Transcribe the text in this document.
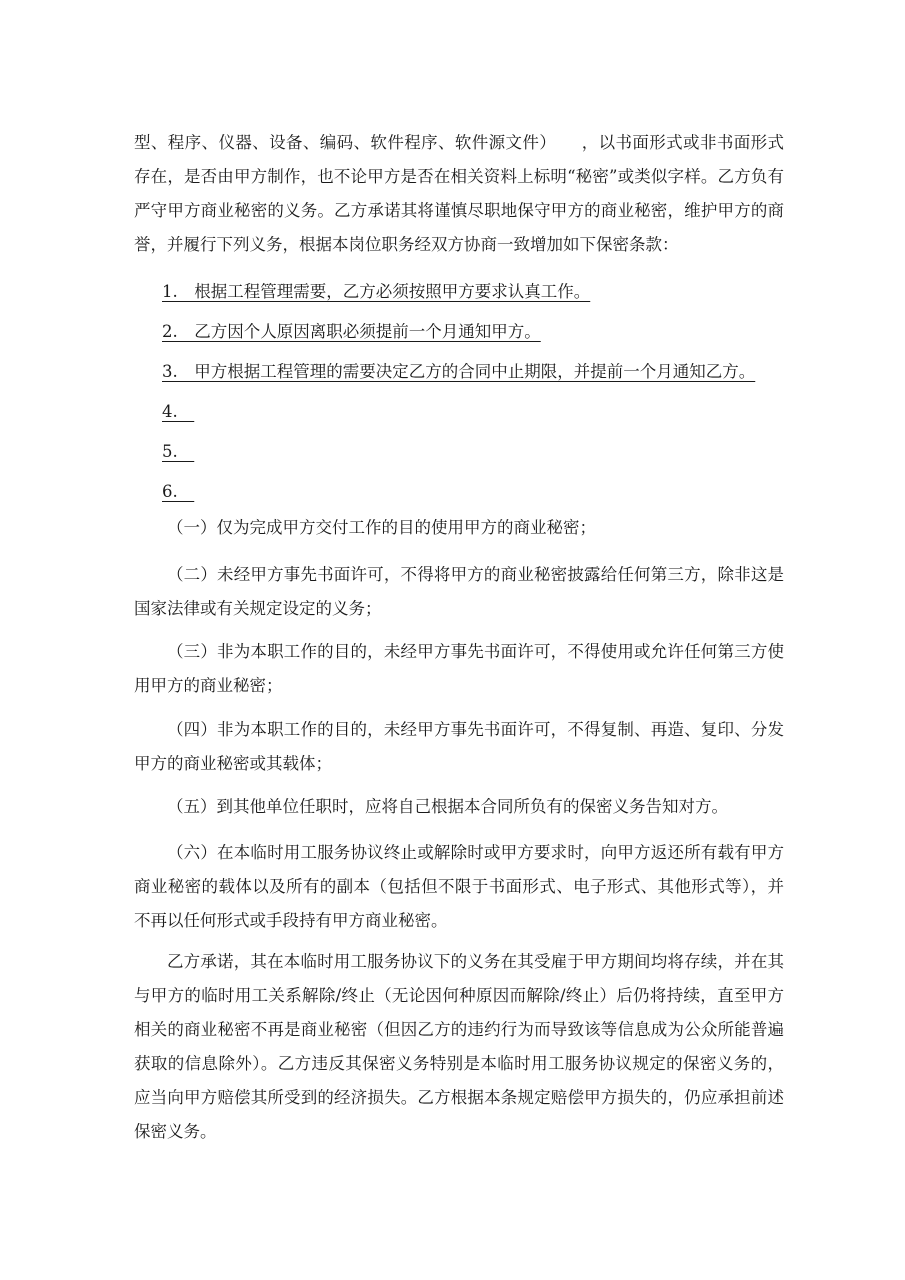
型、程序、仪器、设备、编码、软件程序、软件源文件）　　，以书面形式或非书面形式存在，是否由甲方制作，也不论甲方是否在相关资料上标明“秘密”或类似字样。乙方负有严守甲方商业秘密的义务。乙方承诺其将谨慎尽职地保守甲方的商业秘密，维护甲方的商誉，并履行下列义务，根据本岗位职务经双方协商一致增加如下保密条款：

1.　根据工程管理需要，乙方必须按照甲方要求认真工作。

2.　乙方因个人原因离职必须提前一个月通知甲方。

3.　甲方根据工程管理的需要决定乙方的合同中止期限，并提前一个月通知乙方。

4.　

5.　

6.　

（一）仅为完成甲方交付工作的目的使用甲方的商业秘密；

（二）未经甲方事先书面许可，不得将甲方的商业秘密披露给任何第三方，除非这是国家法律或有关规定设定的义务；

（三）非为本职工作的目的，未经甲方事先书面许可，不得使用或允许任何第三方使用甲方的商业秘密；

（四）非为本职工作的目的，未经甲方事先书面许可，不得复制、再造、复印、分发甲方的商业秘密或其载体；

（五）到其他单位任职时，应将自己根据本合同所负有的保密义务告知对方。

（六）在本临时用工服务协议终止或解除时或甲方要求时，向甲方返还所有载有甲方商业秘密的载体以及所有的副本（包括但不限于书面形式、电子形式、其他形式等），并不再以任何形式或手段持有甲方商业秘密。

乙方承诺，其在本临时用工服务协议下的义务在其受雇于甲方期间均将存续，并在其与甲方的临时用工关系解除/终止（无论因何种原因而解除/终止）后仍将持续，直至甲方相关的商业秘密不再是商业秘密（但因乙方的违约行为而导致该等信息成为公众所能普遍获取的信息除外）。乙方违反其保密义务特别是本临时用工服务协议规定的保密义务的，应当向甲方赔偿其所受到的经济损失。乙方根据本条规定赔偿甲方损失的，仍应承担前述保密义务。
